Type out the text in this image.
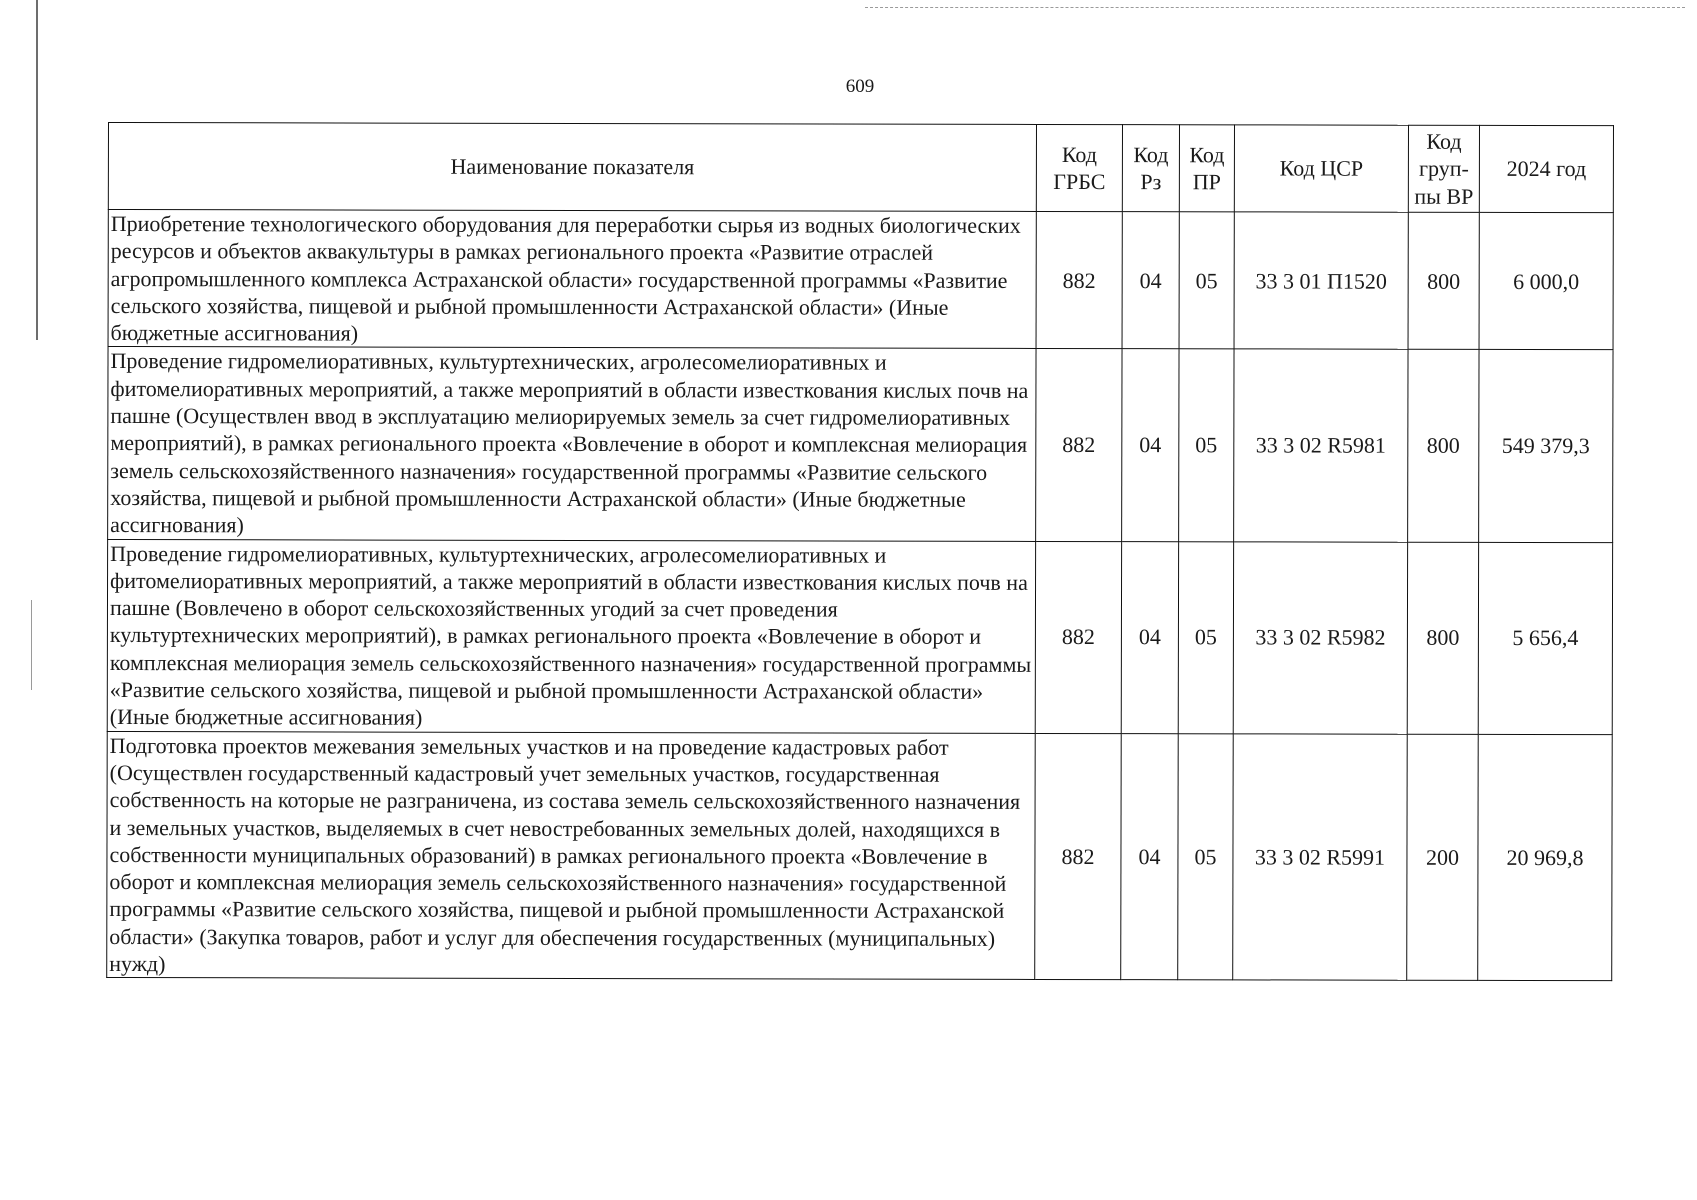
609
Наименование показателя	Код ГРБС	Код Рз	Код ПР	Код ЦСР	Код груп-пы ВР	2024 год
Приобретение технологического оборудования для переработки сырья из водных биологических ресурсов и объектов аквакультуры в рамках регионального проекта «Развитие отраслей агропромышленного комплекса Астраханской области» государственной программы «Развитие сельского хозяйства, пищевой и рыбной промышленности Астраханской области» (Иные бюджетные ассигнования)	882	04	05	33 3 01 П1520	800	6 000,0
Проведение гидромелиоративных, культуртехнических, агролесомелиоративных и фитомелиоративных мероприятий, а также мероприятий в области известкования кислых почв на пашне (Осуществлен ввод в эксплуатацию мелиорируемых земель за счет гидромелиоративных мероприятий), в рамках регионального проекта «Вовлечение в оборот и комплексная мелиорация земель сельскохозяйственного назначения» государственной программы «Развитие сельского хозяйства, пищевой и рыбной промышленности Астраханской области» (Иные бюджетные ассигнования)	882	04	05	33 3 02 R5981	800	549 379,3
Проведение гидромелиоративных, культуртехнических, агролесомелиоративных и фитомелиоративных мероприятий, а также мероприятий в области известкования кислых почв на пашне (Вовлечено в оборот сельскохозяйственных угодий за счет проведения культуртехнических мероприятий), в рамках регионального проекта «Вовлечение в оборот и комплексная мелиорация земель сельскохозяйственного назначения» государственной программы «Развитие сельского хозяйства, пищевой и рыбной промышленности Астраханской области» (Иные бюджетные ассигнования)	882	04	05	33 3 02 R5982	800	5 656,4
Подготовка проектов межевания земельных участков и на проведение кадастровых работ (Осуществлен государственный кадастровый учет земельных участков, государственная собственность на которые не разграничена, из состава земель сельскохозяйственного назначения и земельных участков, выделяемых в счет невостребованных земельных долей, находящихся в собственности муниципальных образований) в рамках регионального проекта «Вовлечение в оборот и комплексная мелиорация земель сельскохозяйственного назначения» государственной программы «Развитие сельского хозяйства, пищевой и рыбной промышленности Астраханской области» (Закупка товаров, работ и услуг для обеспечения государственных (муниципальных) нужд)	882	04	05	33 3 02 R5991	200	20 969,8
